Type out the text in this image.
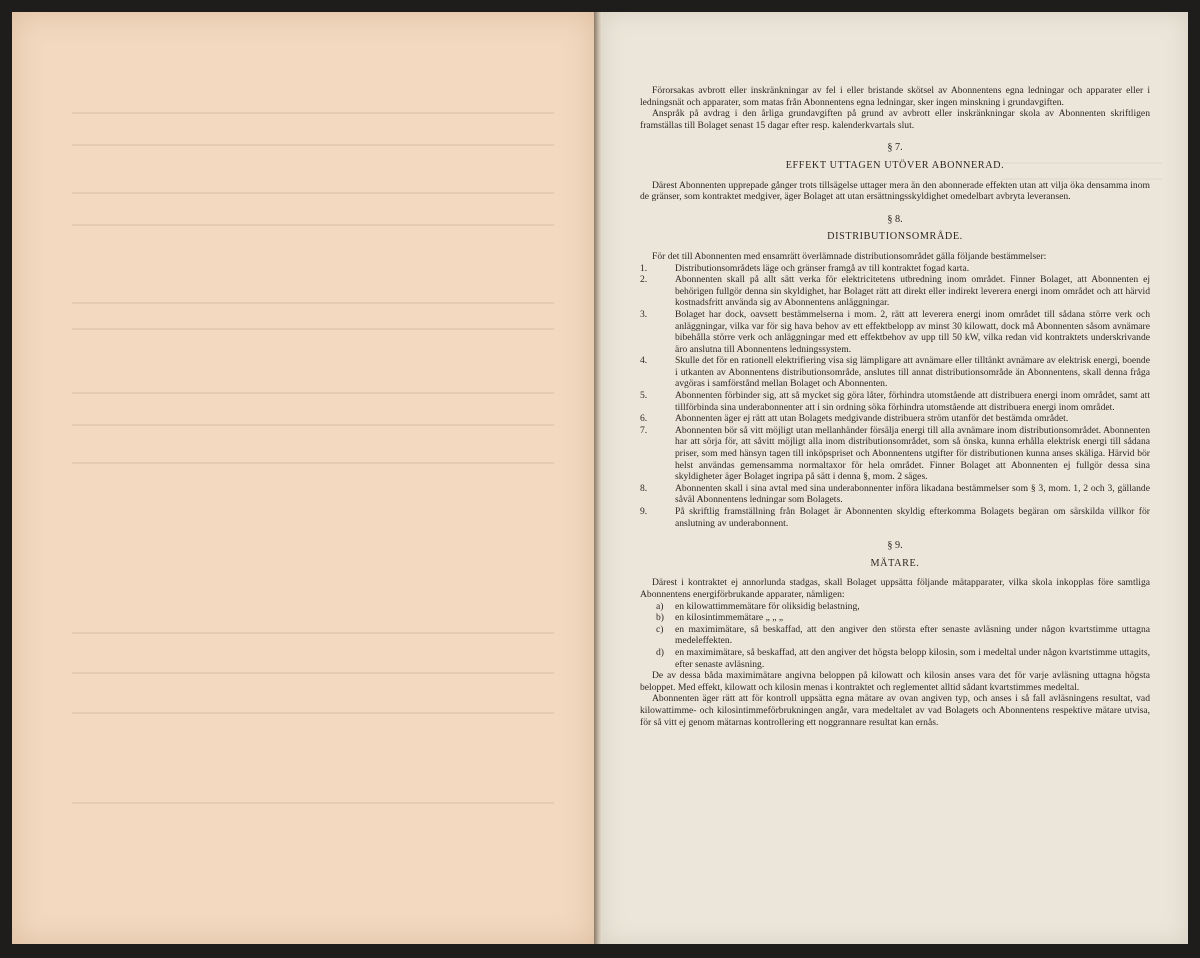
Förorsakas avbrott eller inskränkningar av fel i eller bristande skötsel av Abonnentens egna ledningar och apparater eller i ledningsnät och apparater, som matas från Abonnentens egna ledningar, sker ingen minskning i grundavgiften.

Anspråk på avdrag i den årliga grundavgiften på grund av avbrott eller inskränkningar skola av Abonnenten skriftligen framställas till Bolaget senast 15 dagar efter resp. kalenderkvartals slut.

§ 7.
EFFEKT UTTAGEN UTÖVER ABONNERAD.

Därest Abonnenten upprepade gånger trots tillsägelse uttager mera än den abonnerade effekten utan att vilja öka densamma inom de gränser, som kontraktet medgiver, äger Bolaget att utan ersättningsskyldighet omedelbart avbryta leveransen.

§ 8.
DISTRIBUTIONSOMRÅDE.

För det till Abonnenten med ensamrätt överlämnade distributionsområdet gälla följande bestämmelser:

1.	Distributionsområdets läge och gränser framgå av till kontraktet fogad karta.
2.	Abonnenten skall på allt sätt verka för elektricitetens utbredning inom området. Finner Bolaget, att Abonnenten ej behörigen fullgör denna sin skyldighet, har Bolaget rätt att direkt eller indirekt leverera energi inom området och att härvid kostnadsfritt använda sig av Abonnentens anläggningar.
3.	Bolaget har dock, oavsett bestämmelserna i mom. 2, rätt att leverera energi inom området till sådana större verk och anläggningar, vilka var för sig hava behov av ett effektbelopp av minst 30 kilowatt, dock må Abonnenten såsom avnämare bibehålla större verk och anläggningar med ett effektbehov av upp till 50 kW, vilka redan vid kontraktets underskrivande äro anslutna till Abonnentens ledningssystem.
4.	Skulle det för en rationell elektrifiering visa sig lämpligare att avnämare eller tilltänkt avnämare av elektrisk energi, boende i utkanten av Abonnentens distributionsområde, anslutes till annat distributionsområde än Abonnentens, skall denna fråga avgöras i samförstånd mellan Bolaget och Abonnenten.
5.	Abonnenten förbinder sig, att så mycket sig göra låter, förhindra utomstående att distribuera energi inom området, samt att tillförbinda sina underabonnenter att i sin ordning söka förhindra utomstående att distribuera energi inom området.
6.	Abonnenten äger ej rätt att utan Bolagets medgivande distribuera ström utanför det bestämda området.
7.	Abonnenten bör så vitt möjligt utan mellanhänder försälja energi till alla avnämare inom distributionsområdet. Abonnenten har att sörja för, att såvitt möjligt alla inom distributionsområdet, som så önska, kunna erhålla elektrisk energi till sådana priser, som med hänsyn tagen till inköpspriset och Abonnentens utgifter för distributionen kunna anses skäliga. Härvid bör helst användas gemensamma normaltaxor för hela området. Finner Bolaget att Abonnenten ej fullgör dessa sina skyldigheter äger Bolaget ingripa på sätt i denna §, mom. 2 säges.
8.	Abonnenten skall i sina avtal med sina underabonnenter införa likadana bestämmelser som § 3, mom. 1, 2 och 3, gällande såväl Abonnentens ledningar som Bolagets.
9.	På skriftlig framställning från Bolaget är Abonnenten skyldig efterkomma Bolagets begäran om särskilda villkor för anslutning av underabonnent.
§ 9.
MÄTARE.

Därest i kontraktet ej annorlunda stadgas, skall Bolaget uppsätta följande mätapparater, vilka skola inkopplas före samtliga Abonnentens energiförbrukande apparater, nämligen:

a) en kilowattimmemätare för oliksidig belastning,
b) en kilosintimmemätare „ „ „
c) en maximimätare, så beskaffad, att den angiver den största efter senaste avläsning under någon kvartstimme uttagna medeleffekten.
d) en maximimätare, så beskaffad, att den angiver det högsta belopp kilosin, som i medeltal under någon kvartstimme uttagits, efter senaste avläsning.

De av dessa båda maximimätare angivna beloppen på kilowatt och kilosin anses vara det för varje avläsning uttagna högsta beloppet. Med effekt, kilowatt och kilosin menas i kontraktet och reglementet alltid sådant kvartstimmes medeltal.

Abonnenten äger rätt att för kontroll uppsätta egna mätare av ovan angiven typ, och anses i så fall avläsningens resultat, vad kilowattimme- och kilosintimmeförbrukningen angår, vara medeltalet av vad Bolagets och Abonnentens respektive mätare utvisa, för så vitt ej genom mätarnas kontrollering ett noggrannare resultat kan ernås.
